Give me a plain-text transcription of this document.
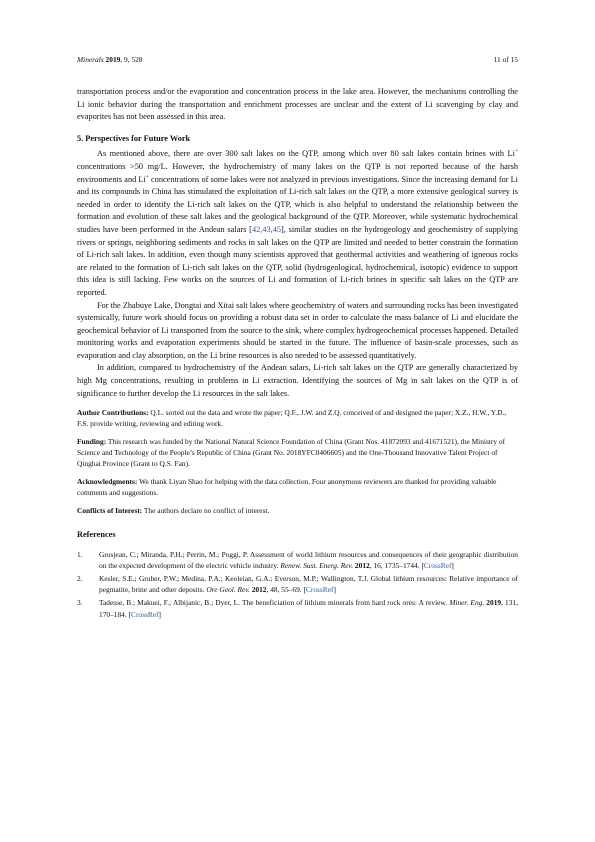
Minerals 2019, 9, 528	11 of 15

transportation process and/or the evaporation and concentration process in the lake area. However, the mechanisms controlling the Li ionic behavior during the transportation and enrichment processes are unclear and the extent of Li scavenging by clay and evaporites has not been assessed in this area.

5. Perspectives for Future Work

As mentioned above, there are over 300 salt lakes on the QTP, among which over 80 salt lakes contain brines with Li+ concentrations >50 mg/L. However, the hydrochemistry of many lakes on the QTP is not reported because of the harsh environments and Li+ concentrations of some lakes were not analyzed in previous investigations. Since the increasing demand for Li and its compounds in China has stimulated the exploitation of Li-rich salt lakes on the QTP, a more extensive geological survey is needed in order to identify the Li-rich salt lakes on the QTP, which is also helpful to understand the relationship between the formation and evolution of these salt lakes and the geological background of the QTP. Moreover, while systematic hydrochemical studies have been performed in the Andean salars [42,43,45], similar studies on the hydrogeology and geochemistry of supplying rivers or springs, neighboring sediments and rocks in salt lakes on the QTP are limited and needed to better constrain the formation of Li-rich salt lakes. In addition, even though many scientists approved that geothermal activities and weathering of igneous rocks are related to the formation of Li-rich salt lakes on the QTP, solid (hydrogeological, hydrochemical, isotopic) evidence to support this idea is still lacking. Few works on the sources of Li and formation of Li-rich brines in specific salt lakes on the QTP are reported.

For the Zhabuye Lake, Dongtai and Xitai salt lakes where geochemistry of waters and surrounding rocks has been investigated systemically, future work should focus on providing a robust data set in order to calculate the mass balance of Li and elucidate the geochemical behavior of Li transported from the source to the sink, where complex hydrogeochemical processes happened. Detailed monitoring works and evaporation experiments should be started in the future. The influence of basin-scale processes, such as evaporation and clay absorption, on the Li brine resources is also needed to be assessed quantitatively.

In addition, compared to hydrochemistry of the Andean salars, Li-rich salt lakes on the QTP are generally characterized by high Mg concentrations, resulting in problems in Li extraction. Identifying the sources of Mg in salt lakes on the QTP is of significance to further develop the Li resources in the salt lakes.

Author Contributions: Q.L. sorted out the data and wrote the paper; Q.F., J.W. and Z.Q. conceived of and designed the paper; X.Z., H.W., Y.D., F.S. provide writing, reviewing and editing work.
Funding: This research was funded by the National Natural Science Foundation of China (Grant Nos. 41872093 and 41671521), the Ministry of Science and Technology of the People’s Republic of China (Grant No. 2018YFC0406605) and the One-Thousand Innovative Talent Project of Qinghai Province (Grant to Q.S. Fan).
Acknowledgments: We thank Liyan Shao for helping with the data collection. Four anonymous reviewers are thanked for providing valuable comments and suggestions.
Conflicts of Interest: The authors declare no conflict of interest.
References
1.	Grosjean, C.; Miranda, P.H.; Perrin, M.; Poggi, P. Assessment of world lithium resources and consequences of their geographic distribution on the expected development of the electric vehicle industry. Renew. Sust. Energ. Rev. 2012, 16, 1735–1744. [CrossRef]
2.	Kesler, S.E.; Gruber, P.W.; Medina, P.A.; Keoleian, G.A.; Everson, M.P.; Wallington, T.J. Global lithium resources: Relative importance of pegmatite, brine and other deposits. Ore Geol. Rev. 2012, 48, 55–69. [CrossRef]
3.	Tadesse, B.; Makuei, F.; Albijanic, B.; Dyer, L. The beneficiation of lithium minerals from hard rock ores: A review. Miner. Eng. 2019, 131, 170–184. [CrossRef]
